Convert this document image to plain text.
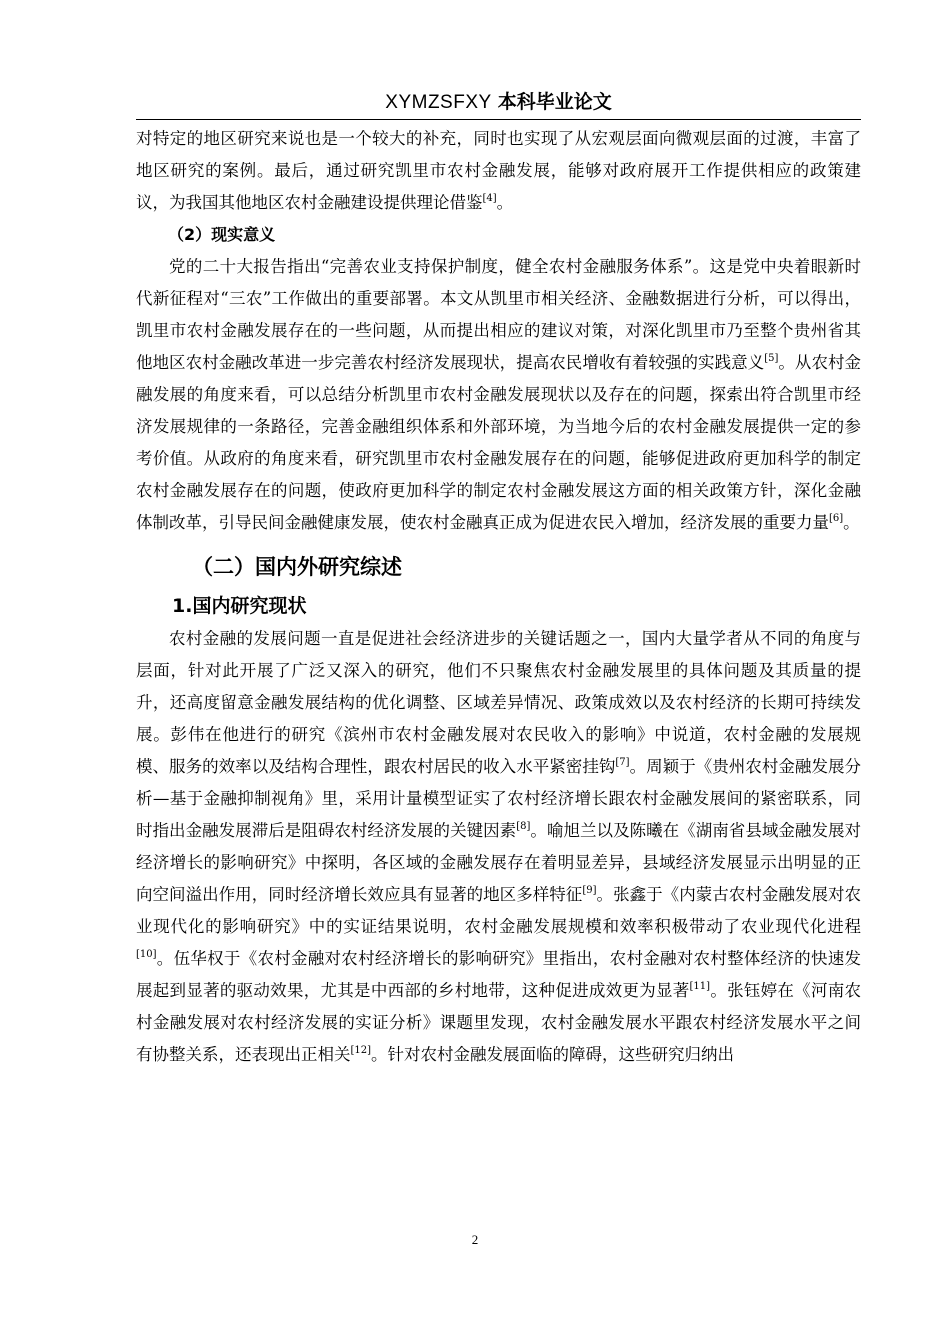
XYMZSFXY 本科毕业论文

对特定的地区研究来说也是一个较大的补充，同时也实现了从宏观层面向微观层面的过渡，丰富了地区研究的案例。最后，通过研究凯里市农村金融发展，能够对政府展开工作提供相应的政策建议，为我国其他地区农村金融建设提供理论借鉴[4]。

（2）现实意义

党的二十大报告指出“完善农业支持保护制度，健全农村金融服务体系”。这是党中央着眼新时代新征程对“三农”工作做出的重要部署。本文从凯里市相关经济、金融数据进行分析，可以得出，凯里市农村金融发展存在的一些问题，从而提出相应的建议对策，对深化凯里市乃至整个贵州省其他地区农村金融改革进一步完善农村经济发展现状，提高农民增收有着较强的实践意义[5]。从农村金融发展的角度来看，可以总结分析凯里市农村金融发展现状以及存在的问题，探索出符合凯里市经济发展规律的一条路径，完善金融组织体系和外部环境，为当地今后的农村金融发展提供一定的参考价值。从政府的角度来看，研究凯里市农村金融发展存在的问题，能够促进政府更加科学的制定农村金融发展存在的问题，使政府更加科学的制定农村金融发展这方面的相关政策方针，深化金融体制改革，引导民间金融健康发展，使农村金融真正成为促进农民入增加，经济发展的重要力量[6]。

（二）国内外研究综述
1.国内研究现状

农村金融的发展问题一直是促进社会经济进步的关键话题之一，国内大量学者从不同的角度与层面，针对此开展了广泛又深入的研究，他们不只聚焦农村金融发展里的具体问题及其质量的提升，还高度留意金融发展结构的优化调整、区域差异情况、政策成效以及农村经济的长期可持续发展。彭伟在他进行的研究《滨州市农村金融发展对农民收入的影响》中说道，农村金融的发展规模、服务的效率以及结构合理性，跟农村居民的收入水平紧密挂钩[7]。周颖于《贵州农村金融发展分析—基于金融抑制视角》里，采用计量模型证实了农村经济增长跟农村金融发展间的紧密联系，同时指出金融发展滞后是阻碍农村经济发展的关键因素[8]。喻旭兰以及陈曦在《湖南省县域金融发展对经济增长的影响研究》中探明，各区域的金融发展存在着明显差异，县域经济发展显示出明显的正向空间溢出作用，同时经济增长效应具有显著的地区多样特征[9]。张鑫于《内蒙古农村金融发展对农业现代化的影响研究》中的实证结果说明，农村金融发展规模和效率积极带动了农业现代化进程[10]。伍华权于《农村金融对农村经济增长的影响研究》里指出，农村金融对农村整体经济的快速发展起到显著的驱动效果，尤其是中西部的乡村地带，这种促进成效更为显著[11]。张钰婷在《河南农村金融发展对农村经济发展的实证分析》课题里发现，农村金融发展水平跟农村经济发展水平之间有协整关系，还表现出正相关[12]。针对农村金融发展面临的障碍，这些研究归纳出

2
